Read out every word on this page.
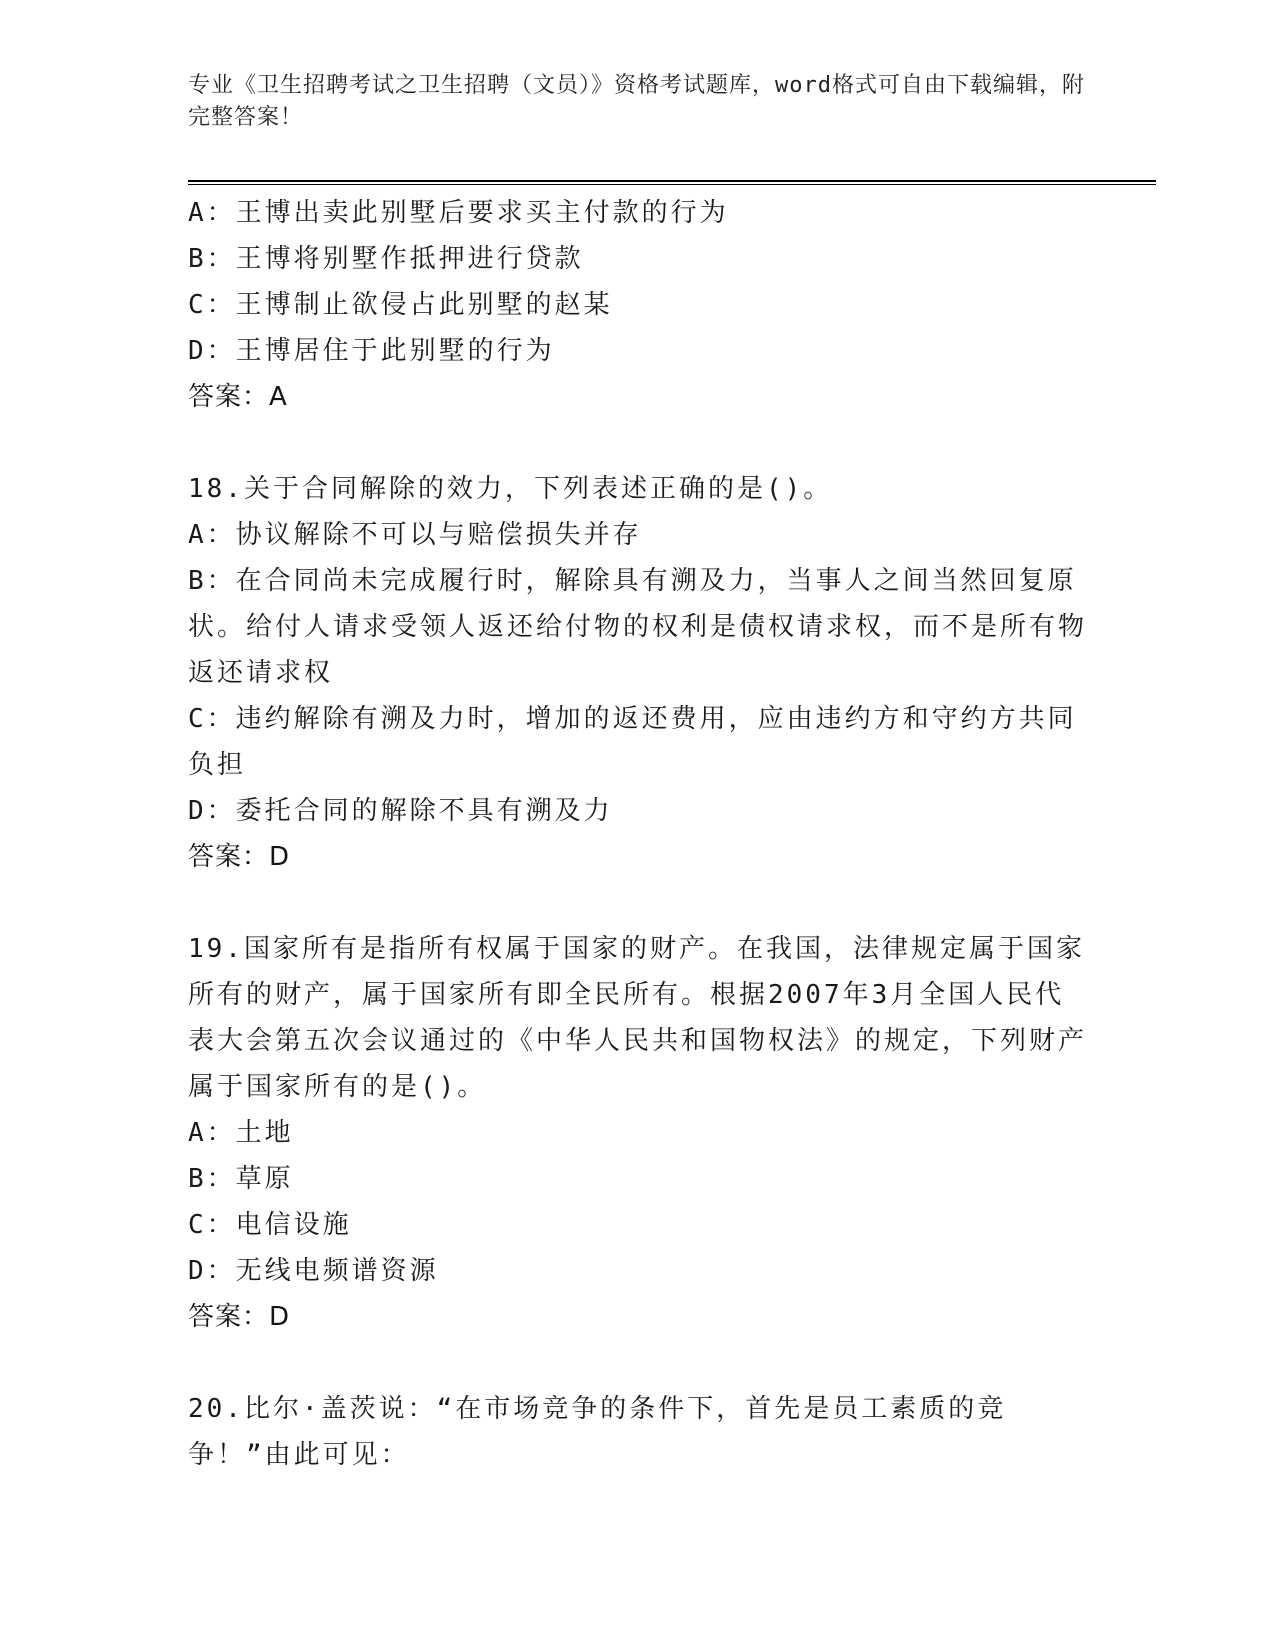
专业《卫生招聘考试之卫生招聘（文员）》资格考试题库，word格式可自由下载编辑，附完整答案！
A：王博出卖此别墅后要求买主付款的行为
B：王博将别墅作抵押进行贷款
C：王博制止欲侵占此别墅的赵某
D：王博居住于此别墅的行为
答案：A
18.关于合同解除的效力，下列表述正确的是()。
A：协议解除不可以与赔偿损失并存
B：在合同尚未完成履行时，解除具有溯及力，当事人之间当然回复原状。给付人请求受领人返还给付物的权利是债权请求权，而不是所有物返还请求权
C：违约解除有溯及力时，增加的返还费用，应由违约方和守约方共同负担
D：委托合同的解除不具有溯及力
答案：D
19.国家所有是指所有权属于国家的财产。在我国，法律规定属于国家所有的财产，属于国家所有即全民所有。根据2007年3月全国人民代表大会第五次会议通过的《中华人民共和国物权法》的规定，下列财产属于国家所有的是()。
A：土地
B：草原
C：电信设施
D：无线电频谱资源
答案：D
20.比尔·盖茨说：“在市场竞争的条件下，首先是员工素质的竞争！”由此可见：
